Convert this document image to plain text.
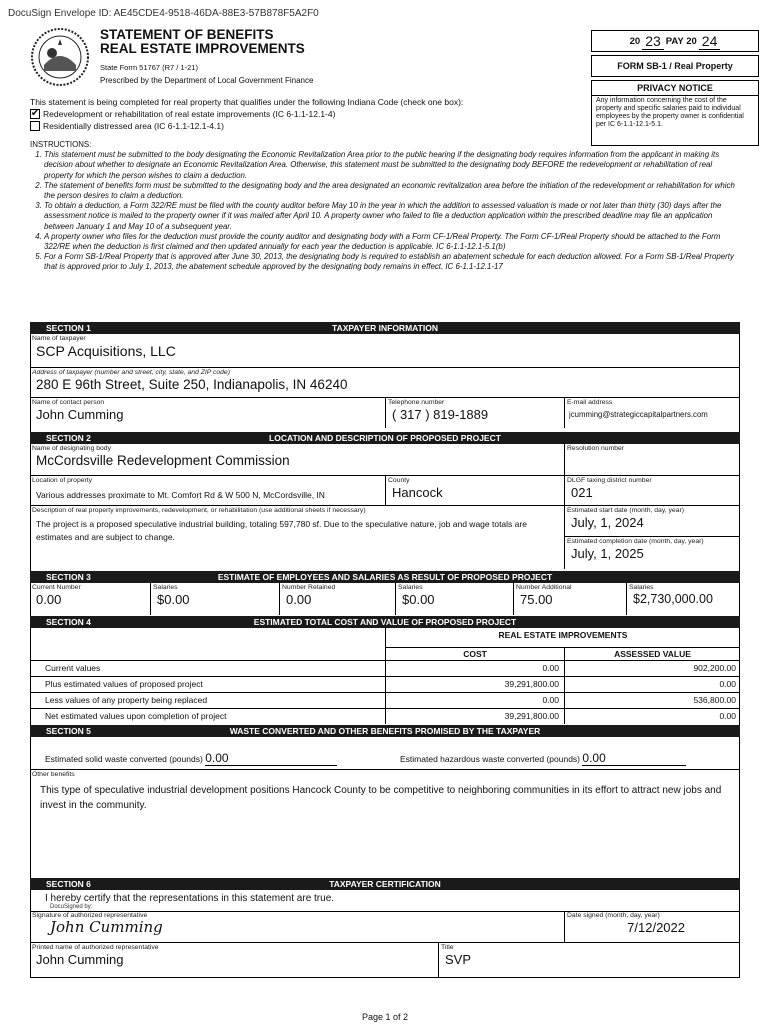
DocuSign Envelope ID: AE45CDE4-9518-46DA-88E3-57B878F5A2F0
STATEMENT OF BENEFITS
REAL ESTATE IMPROVEMENTS
State Form 51767 (R7 / 1-21)
Prescribed by the Department of Local Government Finance
20 23 PAY 20 24
FORM SB-1 / Real Property
PRIVACY NOTICE
Any information concerning the cost of the property and specific salaries paid to individual employees by the property owner is confidential per IC 6-1.1-12.1-5.1.
This statement is being completed for real property that qualifies under the following Indiana Code (check one box):
✔ Redevelopment or rehabilitation of real estate improvements (IC 6-1.1-12.1-4)
Residentially distressed area (IC 6-1.1-12.1-4.1)
INSTRUCTIONS:
1. This statement must be submitted to the body designating the Economic Revitalization Area prior to the public hearing if the designating body requires information from the applicant in making its decision about whether to designate an Economic Revitalization Area. Otherwise, this statement must be submitted to the designating body BEFORE the redevelopment or rehabilitation of real property for which the person wishes to claim a deduction.
2. The statement of benefits form must be submitted to the designating body and the area designated an economic revitalization area before the initiation of the redevelopment or rehabilitation for which the person desires to claim a deduction.
3. To obtain a deduction, a Form 322/RE must be filed with the county auditor before May 10 in the year in which the addition to assessed valuation is made or not later than thirty (30) days after the assessment notice is mailed to the property owner if it was mailed after April 10. A property owner who failed to file a deduction application within the prescribed deadline may file an application between January 1 and May 10 of a subsequent year.
4. A property owner who files for the deduction must provide the county auditor and designating body with a Form CF-1/Real Property. The Form CF-1/Real Property should be attached to the Form 322/RE when the deduction is first claimed and then updated annually for each year the deduction is applicable. IC 6-1.1-12.1-5.1(b)
5. For a Form SB-1/Real Property that is approved after June 30, 2013, the designating body is required to establish an abatement schedule for each deduction allowed. For a Form SB-1/Real Property that is approved prior to July 1, 2013, the abatement schedule approved by the designating body remains in effect. IC 6-1.1-12.1-17
SECTION 1	TAXPAYER INFORMATION
Name of taxpayer
SCP Acquisitions, LLC
Address of taxpayer (number and street, city, state, and ZIP code)
280 E 96th Street, Suite 250, Indianapolis, IN 46240
Name of contact person
John Cumming
Telephone number
( 317 ) 819-1889
E-mail address
jcumming@strategiccapitalpartners.com
SECTION 2	LOCATION AND DESCRIPTION OF PROPOSED PROJECT
Name of designating body
McCordsville Redevelopment Commission
Resolution number
Location of property
Various addresses proximate to Mt. Comfort Rd & W 500 N, McCordsville, IN
County
Hancock
DLGF taxing district number
021
Description of real property improvements, redevelopment, or rehabilitation (use additional sheets if necessary)
The project is a proposed speculative industrial building, totaling 597,780 sf. Due to the speculative nature, job and wage totals are estimates and are subject to change.
Estimated start date (month, day, year)
July, 1, 2024
Estimated completion date (month, day, year)
July, 1, 2025
SECTION 3	ESTIMATE OF EMPLOYEES AND SALARIES AS RESULT OF PROPOSED PROJECT
Current Number
0.00
Salaries
$0.00
Number Retained
0.00
Salaries
$0.00
Number Additional
75.00
Salaries
$2,730,000.00
SECTION 4	ESTIMATED TOTAL COST AND VALUE OF PROPOSED PROJECT
REAL ESTATE IMPROVEMENTS
COST	ASSESSED VALUE
Current values	0.00	902,200.00
Plus estimated values of proposed project	39,291,800.00	0.00
Less values of any property being replaced	0.00	536,800.00
Net estimated values upon completion of project	39,291,800.00	0.00
SECTION 5	WASTE CONVERTED AND OTHER BENEFITS PROMISED BY THE TAXPAYER
Estimated solid waste converted (pounds) 0.00	Estimated hazardous waste converted (pounds) 0.00
Other benefits
This type of speculative industrial development positions Hancock County to be competitive to neighboring communities in its effort to attract new jobs and invest in the community.
SECTION 6	TAXPAYER CERTIFICATION
I hereby certify that the representations in this statement are true.
DocuSigned by:
Signature of authorized representative
John Cumming
Date signed (month, day, year)
7/12/2022
Printed name of authorized representative
John Cumming
Title
SVP
Page 1 of 2
